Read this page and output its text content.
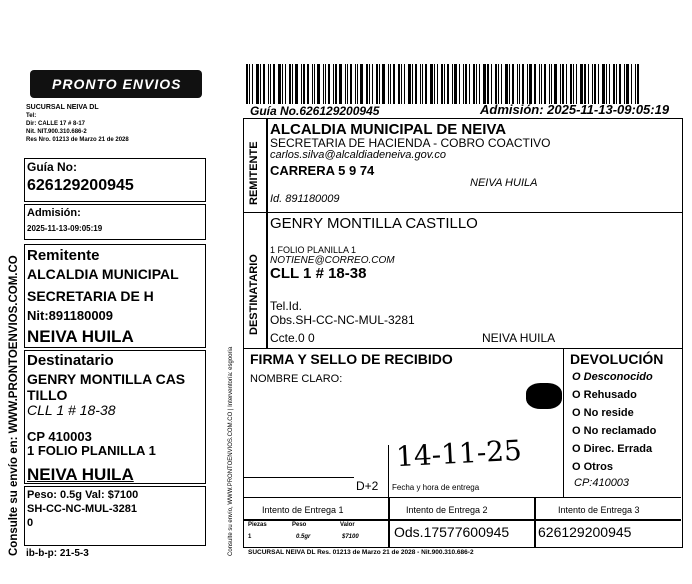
Consulte su envío en: WWW.PRONTOENVIOS.COM.CO
PRONTO ENVIOS
SUCURSAL NEIVA DL
Tel:
Dir: CALLE 17 # 8-17
Nit. NIT.900.310.686-2
Res Nro. 01213 de Marzo 21 de 2028
Guía No:
626129200945
Admisión:
2025-11-13-09:05:19
Remitente
ALCALDIA MUNICIPAL
SECRETARIA DE H
Nit:891180009
NEIVA HUILA
Destinatario
GENRY MONTILLA CAS
TILLO
CLL 1 # 18-38
CP 410003
1 FOLIO PLANILLA 1
NEIVA HUILA
Peso: 0.5g Val: $7100
SH-CC-NC-MUL-3281
0
ib-b-p: 21-5-3
Guía No.626129200945	Admisión: 2025-11-13-09:05:19
Consulte su envío, WWW.PRONTOENVIOS.COM.CO | Interventoría: esgooria
REMITENTE
ALCALDIA MUNICIPAL DE NEIVA
SECRETARIA DE HACIENDA - COBRO COACTIVO
carlos.silva@alcaldiadeneiva.gov.co
CARRERA 5 9 74
NEIVA HUILA
Id. 891180009
DESTINATARIO
GENRY MONTILLA CASTILLO
1 FOLIO PLANILLA 1
NOTIENE@CORREO.COM
CLL 1 # 18-38
Tel.Id.
Obs.SH-CC-NC-MUL-3281
Ccte.0 0	NEIVA HUILA
FIRMA Y SELLO DE RECIBIDO
NOMBRE CLARO:
D+2 Fecha y hora de entrega
14-11-25
DEVOLUCIÓN
O Desconocido
O Rehusado
O No reside
O No reclamado
O Direc. Errada
O Otros
CP:410003
Intento de Entrega 1	Intento de Entrega 2	Intento de Entrega 3
Piezas	Peso	Valor
1	0.5gr	$7100	Ods.17577600945 626129200945
SUCURSAL NEIVA DL Res. 01213 de Marzo 21 de 2028 - Nit.900.310.686-2
